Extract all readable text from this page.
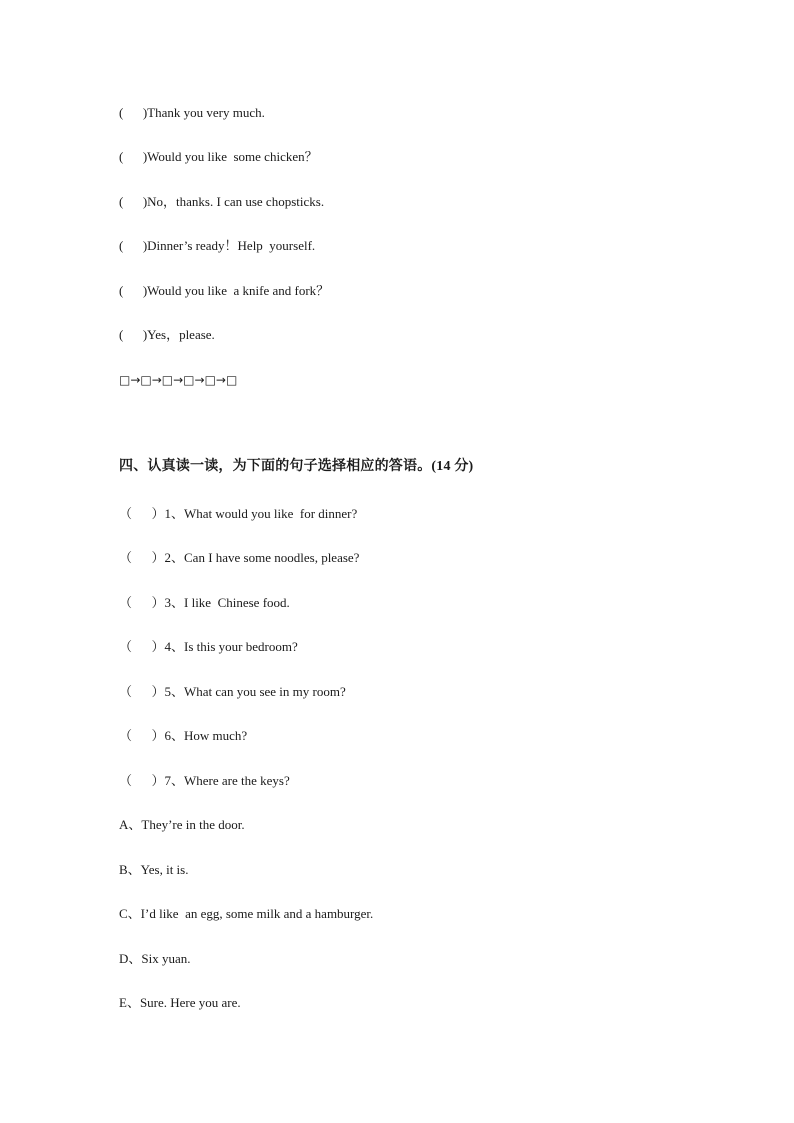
(      )Thank you very much.
(      )Would you like  some chicken？
(      )No，thanks. I can use chopsticks.
(      )Dinner’s ready！Help  yourself.
(      )Would you like  a knife and fork？
(      )Yes，please.
□→□→□→□→□→□
四、认真读一读，为下面的句子选择相应的答语。(14 分)
（      ）1、What would you like  for dinner?
（      ）2、Can I have some noodles, please?
（      ）3、I like  Chinese food.
（      ）4、Is this your bedroom?
（      ）5、What can you see in my room?
（      ）6、How much?
（      ）7、Where are the keys?
A、They’re in the door.
B、Yes, it is.
C、I’d like  an egg, some milk and a hamburger.
D、Six yuan.
E、Sure. Here you are.
